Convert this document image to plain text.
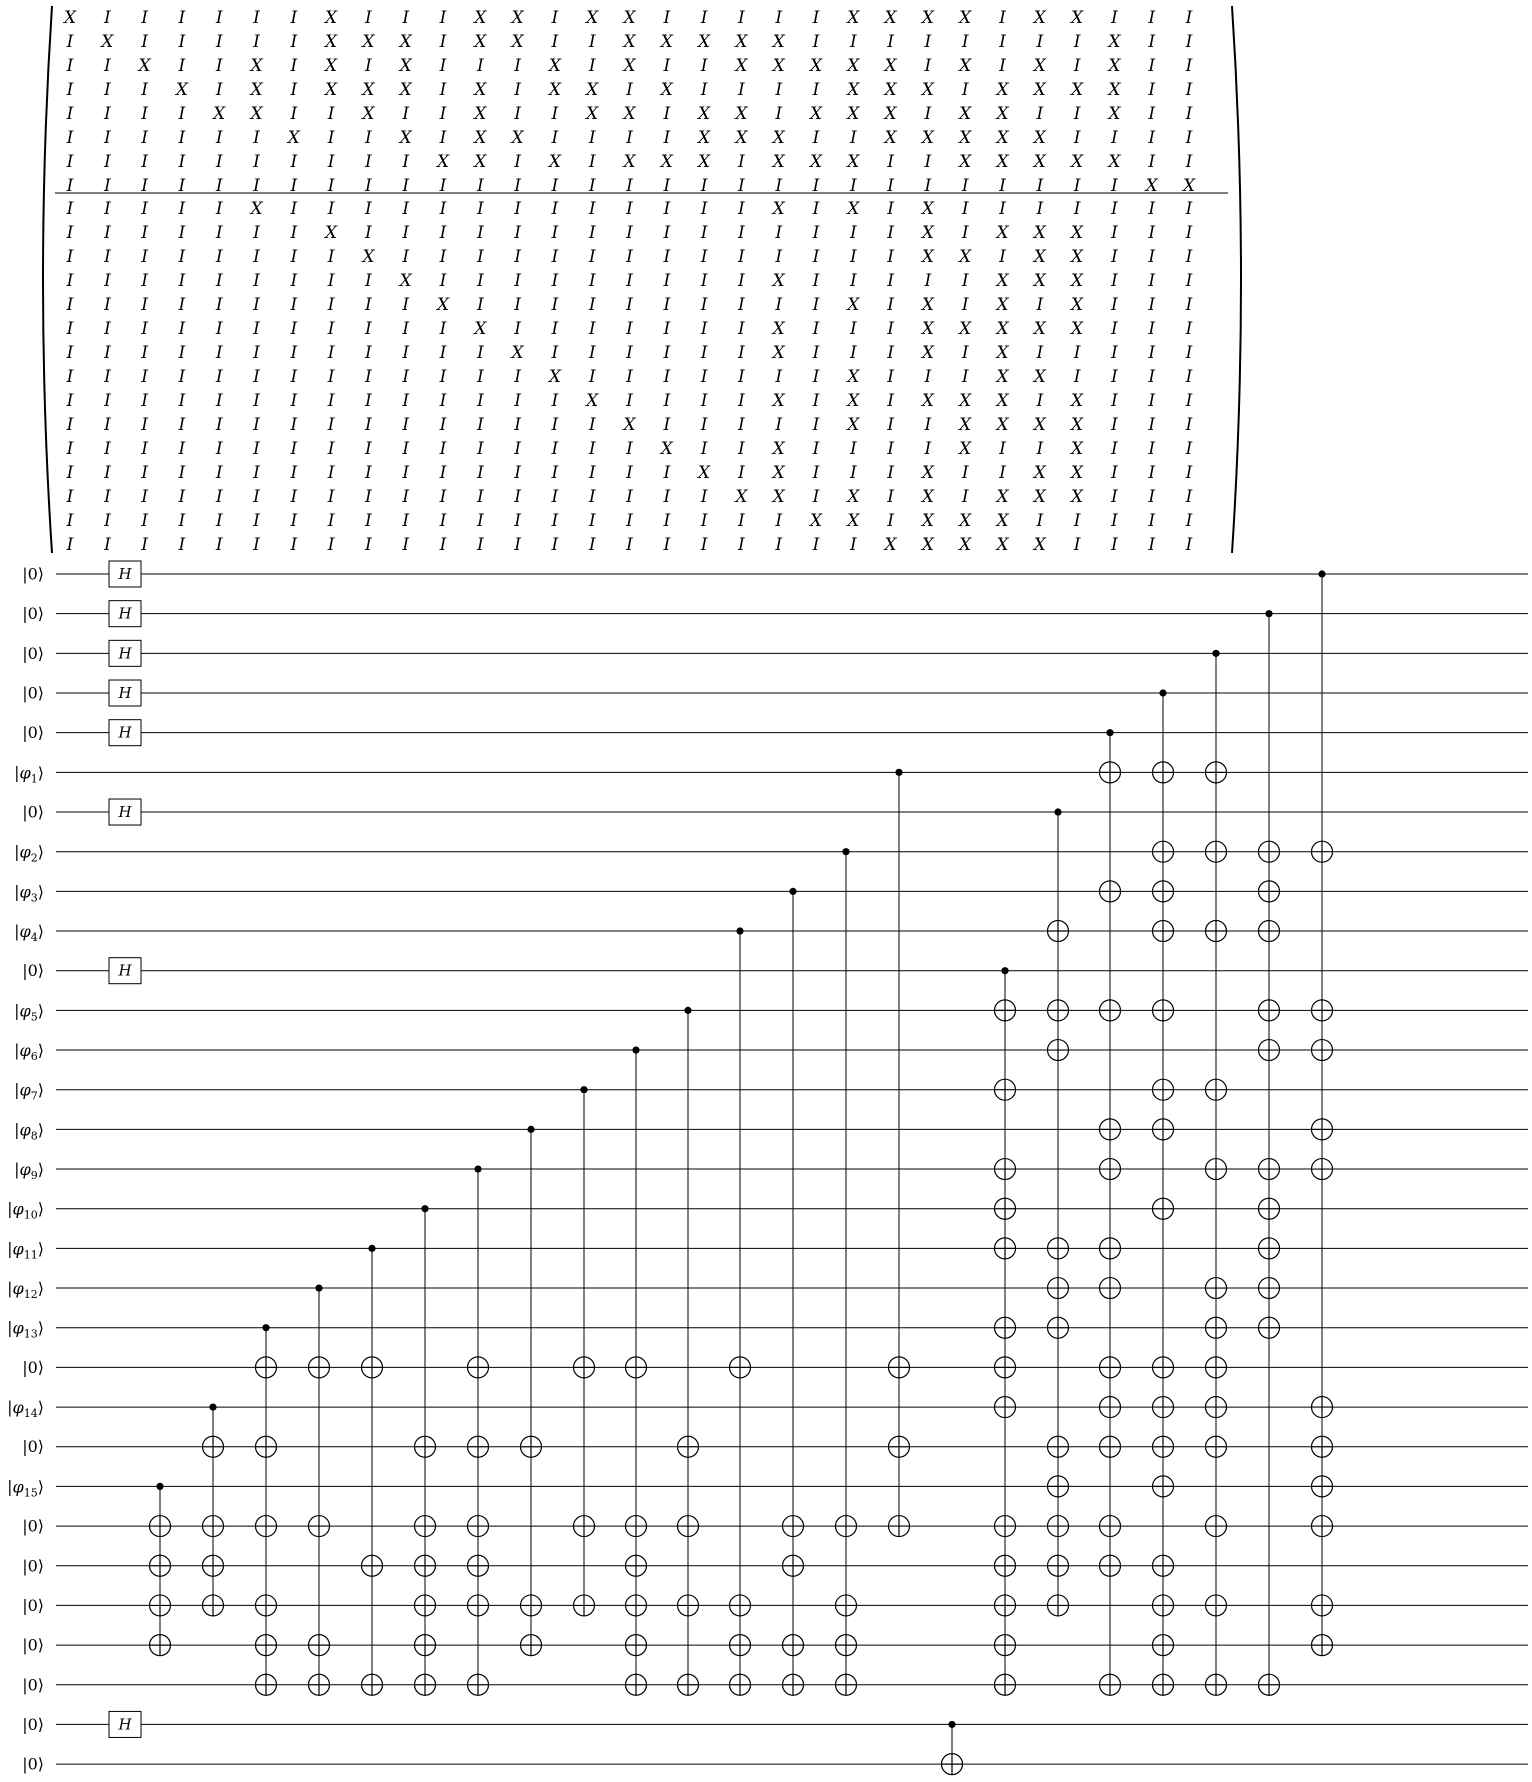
X I I I I I I X I I I X X I X X I I I I I X X X X I X X I I I
I X I I I I I X X X I X X I I X X X X X I I I I I I I I X I I
I I X I I X I X I X I I I X I X I I X X X X X I X I X I X I I
I I I X I X I X X X I X I X X I X I I I I X X X I X X X X I I
I I I I X X I I X I I X I I X X I X X I X X X I X X I I X I I
I I I I I I X I I X I X X I I I I X X X I I X X X X X I I I I
I I I I I I I I I I X X I X I X X X I X X X I I X X X X X I I
I I I I I I I I I I I I I I I I I I I I I I I I I I I I I X X
I I I I I X I I I I I I I I I I I I I X I X I X I I I I I I I
I I I I I I I X I I I I I I I I I I I I I I I X I X X X I I I
I I I I I I I I X I I I I I I I I I I I I I I X X I X X I I I
I I I I I I I I I X I I I I I I I I I X I I I I I X X X I I I
I I I I I I I I I I X I I I I I I I I I I X I X I X I X I I I
I I I I I I I I I I I X I I I I I I I X I I I X X X X X I I I
I I I I I I I I I I I I X I I I I I I X I I I X I X I I I I I
I I I I I I I I I I I I I X I I I I I I I X I I I X X I I I I
I I I I I I I I I I I I I I X I I I I X I X I X X X I X I I I
I I I I I I I I I I I I I I I X I I I I I X I I X X X X I I I
I I I I I I I I I I I I I I I I X I I X I I I I X I I X I I I
I I I I I I I I I I I I I I I I I X I X I I I X I I X X I I I
I I I I I I I I I I I I I I I I I I X X I X I X I X X X I I I
I I I I I I I I I I I I I I I I I I I I X X I X X X I I I I I
I I I I I I I I I I I I I I I I I I I I I I X X X X X I I I I
|0⟩
|0⟩
|0⟩
|0⟩
|0⟩
$|\varphi_1⟩$
|0⟩
$|\varphi_2⟩$
$|\varphi_3⟩$
$|\varphi_4⟩$
|0⟩
$|\varphi_5⟩$
$|\varphi_6⟩$
$|\varphi_7⟩$
$|\varphi_8⟩$
$|\varphi_9⟩$
$|\varphi_{10}⟩$
$|\varphi_{11}⟩$
$|\varphi_{12}⟩$
$|\varphi_{13}⟩$
|0⟩
$|\varphi_{14}⟩$
|0⟩
$|\varphi_{15}⟩$
|0⟩
|0⟩
|0⟩
|0⟩
|0⟩
|0⟩
|0⟩
H
H
H
H
H
H
H
H
